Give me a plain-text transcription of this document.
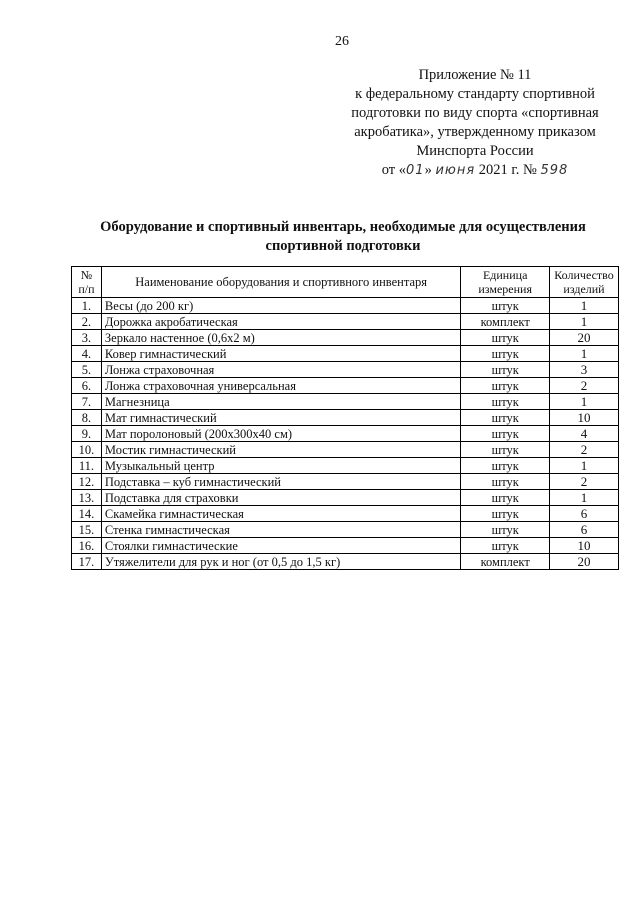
26
Приложение № 11
к федеральному стандарту спортивной
подготовки по виду спорта «спортивная
акробатика», утвержденному приказом
Минспорта России
от «01» июня 2021 г. № 598
Оборудование и спортивный инвентарь, необходимые для осуществления
спортивной подготовки
№ п/п	Наименование оборудования и спортивного инвентаря	Единица измерения	Количество изделий
1.	Весы (до 200 кг)	штук	1
2.	Дорожка акробатическая	комплект	1
3.	Зеркало настенное (0,6x2 м)	штук	20
4.	Ковер гимнастический	штук	1
5.	Лонжа страховочная	штук	3
6.	Лонжа страховочная универсальная	штук	2
7.	Магнезница	штук	1
8.	Мат гимнастический	штук	10
9.	Мат поролоновый (200x300x40 см)	штук	4
10.	Мостик гимнастический	штук	2
11.	Музыкальный центр	штук	1
12.	Подставка – куб гимнастический	штук	2
13.	Подставка для страховки	штук	1
14.	Скамейка гимнастическая	штук	6
15.	Стенка гимнастическая	штук	6
16.	Стоялки гимнастические	штук	10
17.	Утяжелители для рук и ног (от 0,5 до 1,5 кг)	комплект	20
